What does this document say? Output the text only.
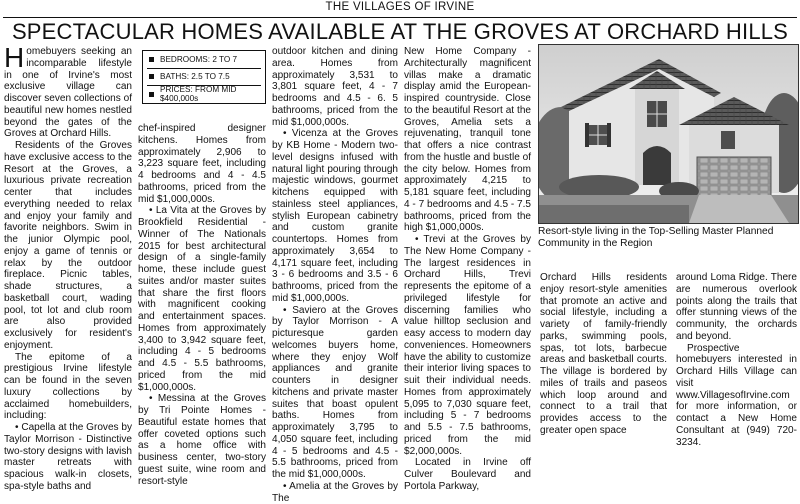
THE VILLAGES OF IRVINE
SPECTACULAR HOMES AVAILABLE AT THE GROVES AT ORCHARD HILLS

Homebuyers seeking an incomparable lifestyle in one of Irvine's most exclusive village can discover seven collections of beautiful new homes nestled beyond the gates of the Groves at Orchard Hills.

Residents of the Groves have exclusive access to the Resort at the Groves, a luxurious private recreation center that includes everything needed to relax and enjoy your family and favorite neighbors. Swim in the junior Olympic pool, enjoy a game of tennis or relax by the outdoor fireplace. Picnic tables, shade structures, a basketball court, wading pool, tot lot and club room are also provided exclusively for resident's enjoyment.

The epitome of a prestigious Irvine lifestyle can be found in the seven luxury collections by acclaimed homebuilders, including:

• Capella at the Groves by Taylor Morrison - Distinctive two-story designs with lavish master retreats with spacious walk-in closets, spa-style baths and

BEDROOMS: 2 TO 7
BATHS: 2.5 TO 7.5
PRICES: FROM MID $400,000s

chef-inspired designer kitchens. Homes from approximately 2,906 to 3,223 square feet, including 4 bedrooms and 4 - 4.5 bathrooms, priced from the mid $1,000,000s.

• La Vita at the Groves by Brookfield Residential - Winner of The Nationals 2015 for best architectural design of a single-family home, these include guest suites and/or master suites that share the first floors with magnificent cooking and entertainment spaces. Homes from approximately 3,400 to 3,942 square feet, including 4 - 5 bedrooms and 4.5 - 5.5 bathrooms, priced from the mid $1,000,000s.

• Messina at the Groves by Tri Pointe Homes - Beautiful estate homes that offer coveted options such as a home office with business center, two-story guest suite, wine room and resort-style

outdoor kitchen and dining area. Homes from approximately 3,531 to 3,801 square feet, 4 - 7 bedrooms and 4.5 - 6. 5 bathrooms, priced from the mid $1,000,000s.

• Vicenza at the Groves by KB Home - Modern two-level designs infused with natural light pouring through majestic windows, gourmet kitchens equipped with stainless steel appliances, stylish European cabinetry and custom granite countertops. Homes from approximately 3,654 to 4,171 square feet, including 3 - 6 bedrooms and 3.5 - 6 bathrooms, priced from the mid $1,000,000s.

• Saviero at the Groves by Taylor Morrison - A picturesque garden welcomes buyers home, where they enjoy Wolf appliances and granite counters in designer kitchens and private master suites that boast opulent baths. Homes from approximately 3,795 to 4,050 square feet, including 4 - 5 bedrooms and 4.5 - 5.5 bathrooms, priced from the mid $1,000,000s.

• Amelia at the Groves by The

New Home Company - Architecturally magnificent villas make a dramatic display amid the European-inspired countryside. Close to the beautiful Resort at the Groves, Amelia sets a rejuvenating, tranquil tone that offers a nice contrast from the hustle and bustle of the city below. Homes from approximately 4,215 to 5,181 square feet, including 4 - 7 bedrooms and 4.5 - 7.5 bathrooms, priced from the high $1,000,000s.

• Trevi at the Groves by The New Home Company - The largest residences in Orchard Hills, Trevi represents the epitome of a privileged lifestyle for discerning families who value hilltop seclusion and easy access to modern day conveniences. Homeowners have the ability to customize their interior living spaces to suit their individual needs. Homes from approximately 5,095 to 7,030 square feet, including 5 - 7 bedrooms and 5.5 - 7.5 bathrooms, priced from the mid $2,000,000s.

Located in Irvine off Culver Boulevard and Portola Parkway,

Resort-style living in the Top-Selling Master Planned Community in the Region

Orchard Hills residents enjoy resort-style amenities that promote an active and social lifestyle, including a variety of family-friendly parks, swimming pools, spas, tot lots, barbecue areas and basketball courts. The village is bordered by miles of trails and paseos which loop around and connect to a trail that provides access to the greater open space

around Loma Ridge. There are numerous overlook points along the trails that offer stunning views of the community, the orchards and beyond.

Prospective homebuyers interested in Orchard Hills Village can visit www.VillagesofIrvine.com for more information, or contact a New Home Consultant at (949) 720-3234.
